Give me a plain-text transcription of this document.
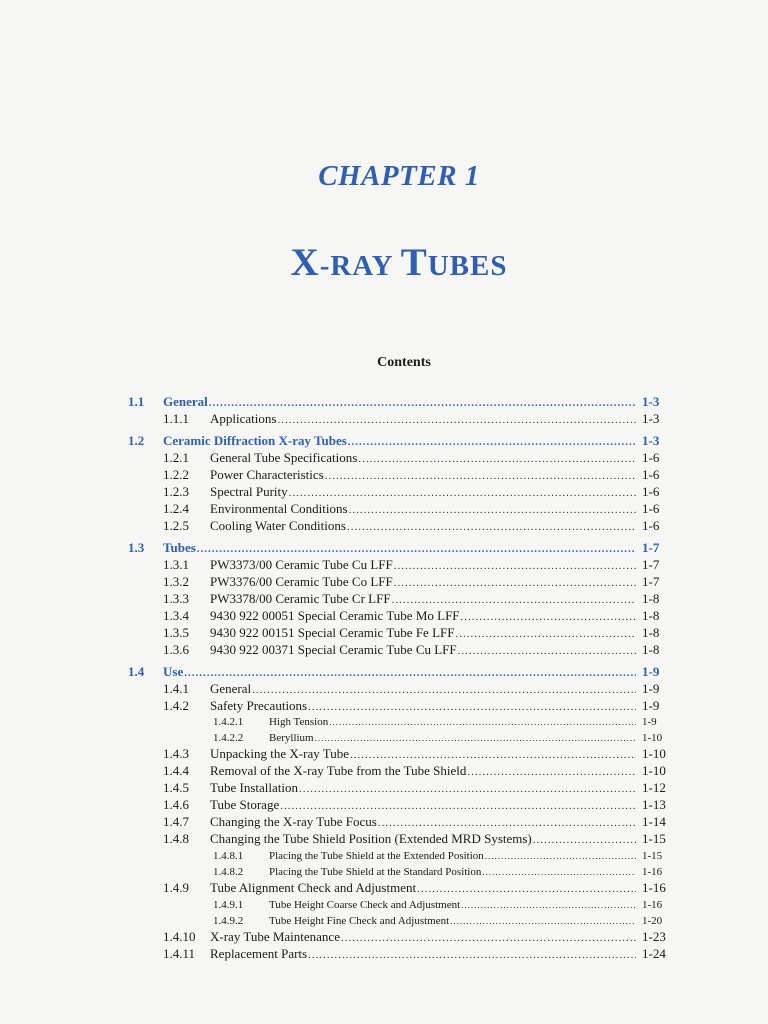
CHAPTER 1
X-RAY TUBES
Contents
1.1 General .....	1-3
1.1.1 Applications .....	1-3
1.2 Ceramic Diffraction X-ray Tubes .....	1-3
1.2.1 General Tube Specifications .....	1-6
1.2.2 Power Characteristics .....	1-6
1.2.3 Spectral Purity .....	1-6
1.2.4 Environmental Conditions .....	1-6
1.2.5 Cooling Water Conditions .....	1-6
1.3 Tubes .....	1-7
1.3.1 PW3373/00 Ceramic Tube Cu LFF .....	1-7
1.3.2 PW3376/00 Ceramic Tube Co LFF .....	1-7
1.3.3 PW3378/00 Ceramic Tube Cr LFF .....	1-8
1.3.4 9430 922 00051 Special Ceramic Tube Mo LFF .....	1-8
1.3.5 9430 922 00151 Special Ceramic Tube Fe LFF .....	1-8
1.3.6 9430 922 00371 Special Ceramic Tube Cu LFF .....	1-8
1.4 Use .....	1-9
1.4.1 General .....	1-9
1.4.2 Safety Precautions .....	1-9
1.4.2.1 High Tension .....	1-9
1.4.2.2 Beryllium .....	1-10
1.4.3 Unpacking the X-ray Tube .....	1-10
1.4.4 Removal of the X-ray Tube from the Tube Shield .....	1-10
1.4.5 Tube Installation .....	1-12
1.4.6 Tube Storage .....	1-13
1.4.7 Changing the X-ray Tube Focus .....	1-14
1.4.8 Changing the Tube Shield Position (Extended MRD Systems) .....	1-15
1.4.8.1 Placing the Tube Shield at the Extended Position .....	1-15
1.4.8.2 Placing the Tube Shield at the Standard Position .....	1-16
1.4.9 Tube Alignment Check and Adjustment .....	1-16
1.4.9.1 Tube Height Coarse Check and Adjustment .....	1-16
1.4.9.2 Tube Height Fine Check and Adjustment .....	1-20
1.4.10 X-ray Tube Maintenance .....	1-23
1.4.11 Replacement Parts .....	1-24
